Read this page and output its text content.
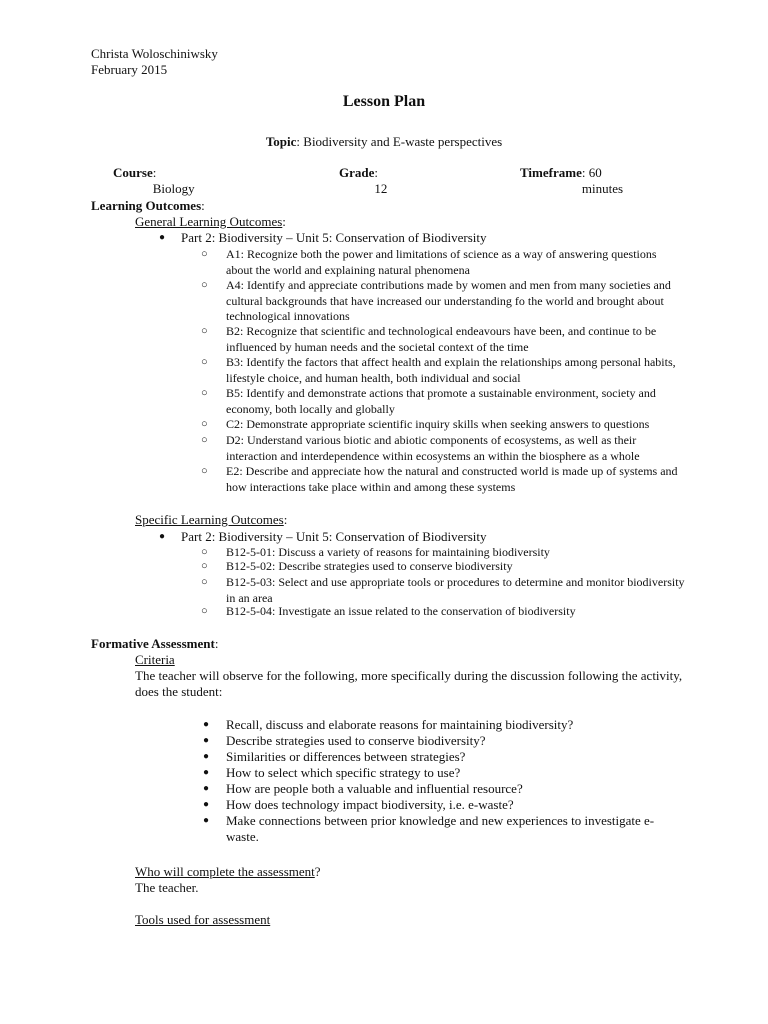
Christa Woloschiniwsky
February 2015
Lesson Plan
Topic: Biodiversity and E-waste perspectives
Course : Biology
Grade : 12
Timeframe : 60 minutes
Learning Outcomes:
General Learning Outcomes:
● Part 2: Biodiversity – Unit 5: Conservation of Biodiversity
○ A1: Recognize both the power and limitations of science as a way of answering questions about the world and explaining natural phenomena
○ A4: Identify and appreciate contributions made by women and men from many societies and cultural backgrounds that have increased our understanding fo the world and brought about technological innovations
○ B2: Recognize that scientific and technological endeavours have been, and continue to be influenced by human needs and the societal context of the time
○ B3: Identify the factors that affect health and explain the relationships among personal habits, lifestyle choice, and human health, both individual and social
○ B5: Identify and demonstrate actions that promote a sustainable environment, society and economy, both locally and globally
○ C2: Demonstrate appropriate scientific inquiry skills when seeking answers to questions
○ D2: Understand various biotic and abiotic components of ecosystems, as well as their interaction and interdependence within ecosystems an within the biosphere as a whole
○ E2: Describe and appreciate how the natural and constructed world is made up of systems and how interactions take place within and among these systems
Specific Learning Outcomes:
● Part 2: Biodiversity – Unit 5: Conservation of Biodiversity
○ B12-5-01: Discuss a variety of reasons for maintaining biodiversity
○ B12-5-02: Describe strategies used to conserve biodiversity
○ B12-5-03: Select and use appropriate tools or procedures to determine and monitor biodiversity in an area
○ B12-5-04: Investigate an issue related to the conservation of biodiversity
Formative Assessment:
Criteria
The teacher will observe for the following, more specifically during the discussion following the activity, does the student:
● Recall, discuss and elaborate reasons for maintaining biodiversity?
● Describe strategies used to conserve biodiversity?
● Similarities or differences between strategies?
● How to select which specific strategy to use?
● How are people both a valuable and influential resource?
● How does technology impact biodiversity, i.e. e-waste?
● Make connections between prior knowledge and new experiences to investigate e-waste.
Who will complete the assessment?
The teacher.
Tools used for assessment
